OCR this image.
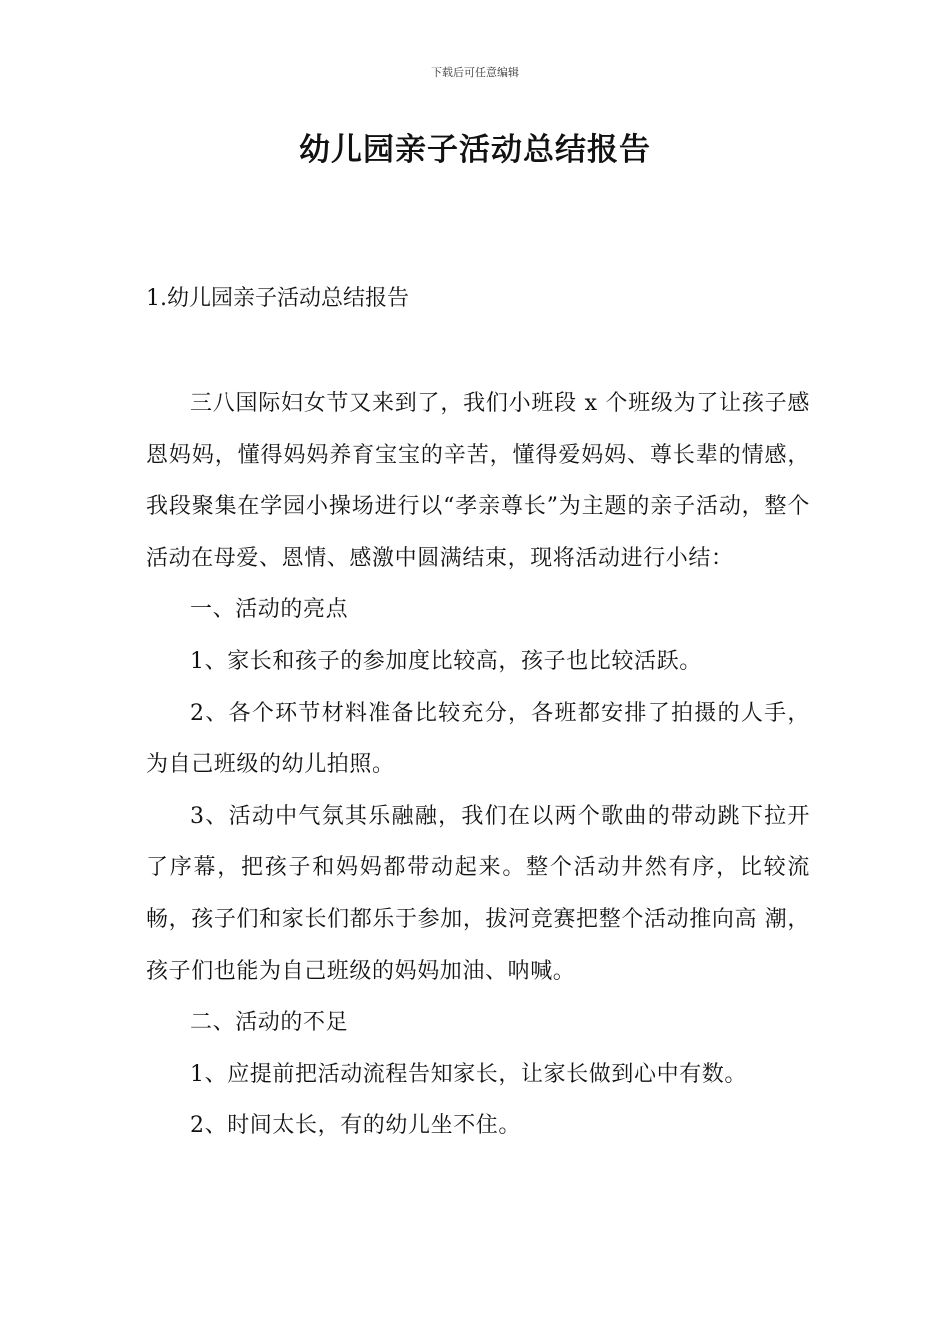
下载后可任意编辑
幼儿园亲子活动总结报告
1.幼儿园亲子活动总结报告

三八国际妇女节又来到了，我们小班段 x 个班级为了让孩子感恩妈妈，懂得妈妈养育宝宝的辛苦，懂得爱妈妈、尊长辈的情感，我段聚集在学园小操场进行以“孝亲尊长”为主题的亲子活动，整个活动在母爱、恩情、感激中圆满结束，现将活动进行小结：

一、活动的亮点

1、家长和孩子的参加度比较高，孩子也比较活跃。

2、各个环节材料准备比较充分，各班都安排了拍摄的人手，为自己班级的幼儿拍照。

3、活动中气氛其乐融融，我们在以两个歌曲的带动跳下拉开了序幕，把孩子和妈妈都带动起来。整个活动井然有序，比较流畅，孩子们和家长们都乐于参加，拔河竞赛把整个活动推向高 潮，孩子们也能为自己班级的妈妈加油、呐喊。

二、活动的不足

1、应提前把活动流程告知家长，让家长做到心中有数。

2、时间太长，有的幼儿坐不住。
